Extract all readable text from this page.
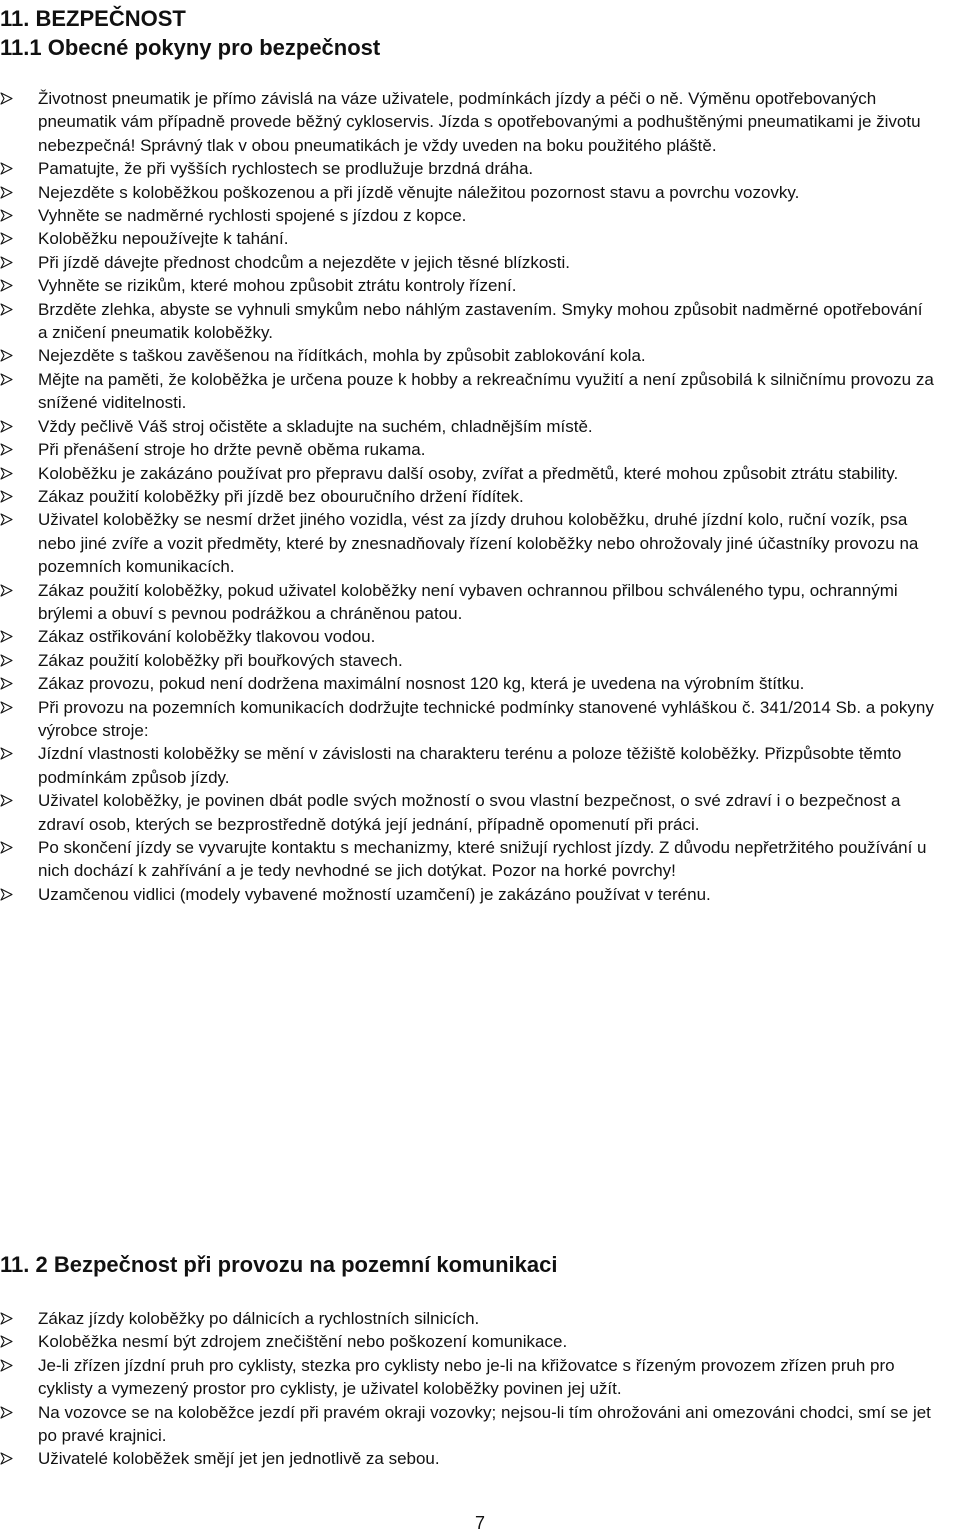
11. BEZPEČNOST
11.1 Obecné pokyny pro bezpečnost
Životnost pneumatik je přímo závislá na váze uživatele, podmínkách jízdy a péči o ně. Výměnu opotřebovaných pneumatik vám případně provede běžný cykloservis. Jízda s opotřebovanými a podhuštěnými pneumatikami je životu nebezpečná! Správný tlak v obou pneumatikách je vždy uveden na boku použitého pláště.
Pamatujte, že při vyšších rychlostech se prodlužuje brzdná dráha.
Nejezděte s koloběžkou poškozenou a při jízdě věnujte náležitou pozornost stavu a povrchu vozovky.
Vyhněte se nadměrné rychlosti spojené s jízdou z kopce.
Koloběžku nepoužívejte k tahání.
Při jízdě dávejte přednost chodcům a nejezděte v jejich těsné blízkosti.
Vyhněte se rizikům, které mohou způsobit ztrátu kontroly řízení.
Brzděte zlehka, abyste se vyhnuli smykům nebo náhlým zastavením. Smyky mohou způsobit nadměrné opotřebování a zničení pneumatik koloběžky.
Nejezděte s taškou zavěšenou na řídítkách, mohla by způsobit zablokování kola.
Mějte na paměti, že koloběžka je určena pouze k hobby a rekreačnímu využití a není způsobilá k silničnímu provozu za snížené viditelnosti.
Vždy pečlivě Váš stroj očistěte a skladujte na suchém, chladnějším místě.
Při přenášení stroje ho držte pevně oběma rukama.
Koloběžku je zakázáno používat pro přepravu další osoby, zvířat a předmětů, které mohou způsobit ztrátu stability.
Zákaz použití koloběžky při jízdě bez obouručního držení řídítek.
Uživatel koloběžky se nesmí držet jiného vozidla, vést za jízdy druhou koloběžku, druhé jízdní kolo, ruční vozík, psa nebo jiné zvíře a vozit předměty, které by znesnadňovaly řízení koloběžky nebo ohrožovaly jiné účastníky provozu na pozemních komunikacích.
Zákaz použití koloběžky, pokud uživatel koloběžky není vybaven ochrannou přilbou schváleného typu, ochrannými brýlemi a obuví s pevnou podrážkou a chráněnou patou.
Zákaz ostřikování koloběžky tlakovou vodou.
Zákaz použití koloběžky při bouřkových stavech.
Zákaz provozu, pokud není dodržena maximální nosnost 120 kg, která je uvedena na výrobním štítku.
Při provozu na pozemních komunikacích dodržujte technické podmínky stanovené vyhláškou č. 341/2014 Sb. a pokyny výrobce stroje:
Jízdní vlastnosti koloběžky se mění v závislosti na charakteru terénu a poloze těžiště koloběžky. Přizpůsobte těmto podmínkám způsob jízdy.
Uživatel koloběžky, je povinen dbát podle svých možností o svou vlastní bezpečnost, o své zdraví i o bezpečnost a zdraví osob, kterých se bezprostředně dotýká její jednání, případně opomenutí při práci.
Po skončení jízdy se vyvarujte kontaktu s mechanizmy, které snižují rychlost jízdy. Z důvodu nepřetržitého používání u nich dochází k zahřívání a je tedy nevhodné se jich dotýkat. Pozor na horké povrchy!
Uzamčenou vidlici (modely vybavené možností uzamčení) je zakázáno používat v terénu.
11. 2 Bezpečnost při provozu na pozemní komunikaci
Zákaz jízdy koloběžky po dálnicích a rychlostních silnicích.
Koloběžka nesmí být zdrojem znečištění nebo poškození komunikace.
Je-li zřízen jízdní pruh pro cyklisty, stezka pro cyklisty nebo je-li na křižovatce s řízeným provozem zřízen pruh pro cyklisty a vymezený prostor pro cyklisty, je uživatel koloběžky povinen jej užít.
Na vozovce se na koloběžce jezdí při pravém okraji vozovky; nejsou-li tím ohrožováni ani omezováni chodci, smí se jet po pravé krajnici.
Uživatelé koloběžek smějí jet jen jednotlivě za sebou.
7
